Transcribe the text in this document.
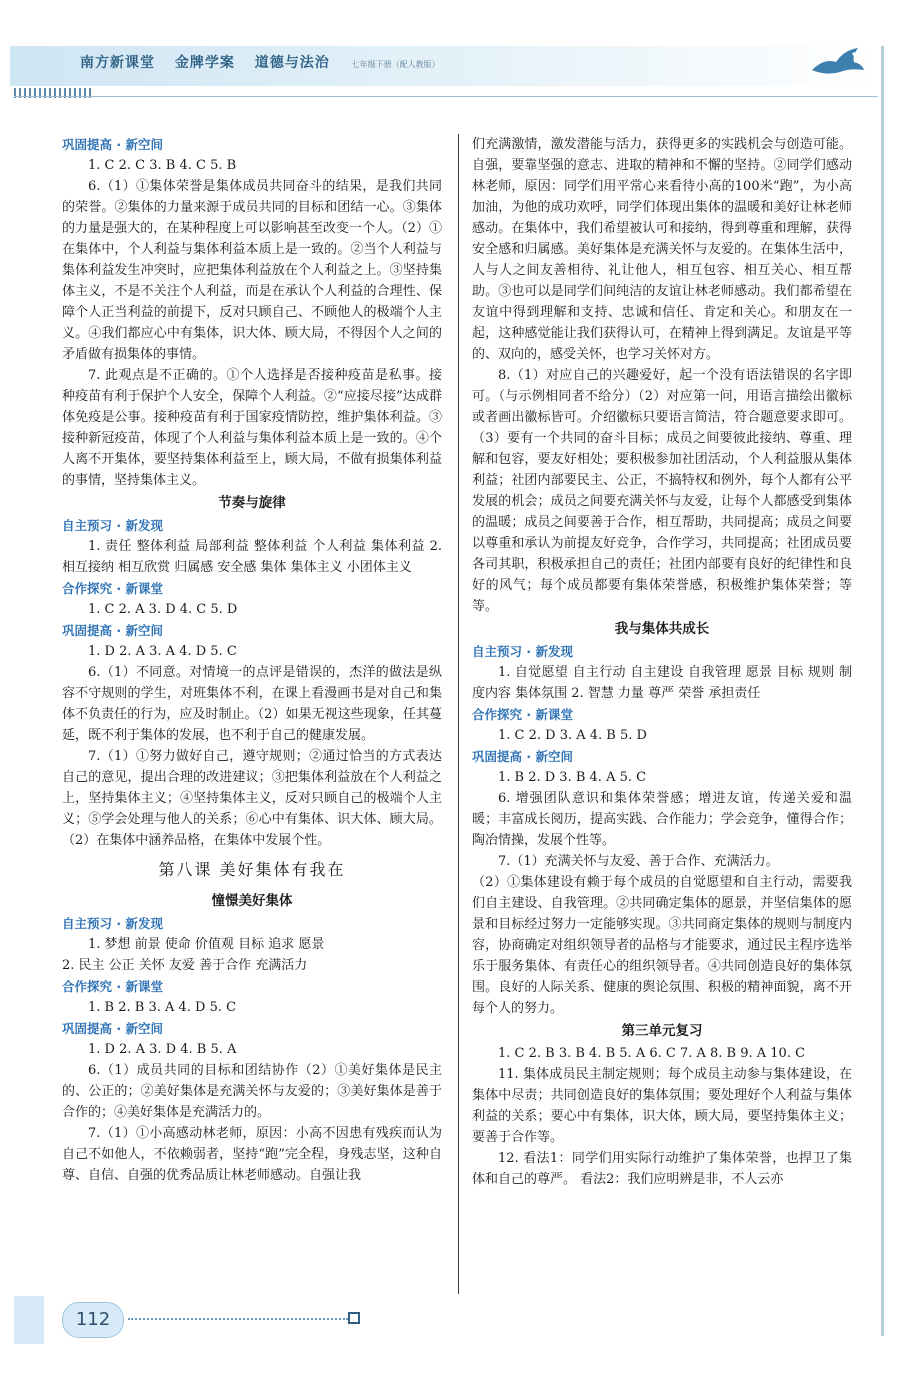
南方新课堂 金牌学案 道德与法治	七年级下册（配人教版）
巩固提高 · 新空间
1. C 2. C 3. B 4. C 5. B
6.（1）①集体荣誉是集体成员共同奋斗的结果，是我们共同的荣誉。②集体的力量来源于成员共同的目标和团结一心。③集体的力量是强大的，在某种程度上可以影响甚至改变一个人。（2）①在集体中，个人利益与集体利益本质上是一致的。②当个人利益与集体利益发生冲突时，应把集体利益放在个人利益之上。③坚持集体主义，不是不关注个人利益，而是在承认个人利益的合理性、保障个人正当利益的前提下，反对只顾自己、不顾他人的极端个人主义。④我们都应心中有集体，识大体、顾大局，不得因个人之间的矛盾做有损集体的事情。
7. 此观点是不正确的。①个人选择是否接种疫苗是私事。接种疫苗有利于保护个人安全，保障个人利益。②“应接尽接”达成群体免疫是公事。接种疫苗有利于国家疫情防控，维护集体利益。③接种新冠疫苗，体现了个人利益与集体利益本质上是一致的。④个人离不开集体，要坚持集体利益至上，顾大局，不做有损集体利益的事情，坚持集体主义。
节奏与旋律
自主预习 · 新发现
1. 责任 整体利益 局部利益 整体利益 个人利益 集体利益 2. 相互接纳 相互欣赏 归属感 安全感 集体 集体主义 小团体主义
合作探究 · 新课堂
1. C 2. A 3. D 4. C 5. D
巩固提高 · 新空间
1. D 2. A 3. A 4. D 5. C
6.（1）不同意。对情境一的点评是错误的，杰洋的做法是纵容不守规则的学生，对班集体不利，在课上看漫画书是对自己和集体不负责任的行为，应及时制止。（2）如果无视这些现象，任其蔓延，既不利于集体的发展，也不利于自己的健康发展。
7.（1）①努力做好自己，遵守规则；②通过恰当的方式表达自己的意见，提出合理的改进建议；③把集体利益放在个人利益之上，坚持集体主义；④坚持集体主义，反对只顾自己的极端个人主义；⑤学会处理与他人的关系；⑥心中有集体、识大体、顾大局。（2）在集体中涵养品格，在集体中发展个性。
第八课 美好集体有我在
憧憬美好集体
自主预习 · 新发现
1. 梦想 前景 使命 价值观 目标 追求 愿景
2. 民主 公正 关怀 友爱 善于合作 充满活力
合作探究 · 新课堂
1. B 2. B 3. A 4. D 5. C
巩固提高 · 新空间
1. D 2. A 3. D 4. B 5. A
6.（1）成员共同的目标和团结协作（2）①美好集体是民主的、公正的；②美好集体是充满关怀与友爱的；③美好集体是善于合作的；④美好集体是充满活力的。
7.（1）①小高感动林老师，原因：小高不因患有残疾而认为自己不如他人，不依赖弱者，坚持“跑”完全程，身残志坚，这种自尊、自信、自强的优秀品质让林老师感动。自强让我
们充满激情，激发潜能与活力，获得更多的实践机会与创造可能。自强，要靠坚强的意志、进取的精神和不懈的坚持。②同学们感动林老师，原因：同学们用平常心来看待小高的100米“跑”，为小高加油，为他的成功欢呼，同学们体现出集体的温暖和美好让林老师感动。在集体中，我们希望被认可和接纳，得到尊重和理解，获得安全感和归属感。美好集体是充满关怀与友爱的。在集体生活中，人与人之间友善相待、礼让他人，相互包容、相互关心、相互帮助。③也可以是同学们间纯洁的友谊让林老师感动。我们都希望在友谊中得到理解和支持、忠诚和信任、肯定和关心。和朋友在一起，这种感觉能让我们获得认可，在精神上得到满足。友谊是平等的、双向的，感受关怀，也学习关怀对方。
8.（1）对应自己的兴趣爱好，起一个没有语法错误的名字即可。（与示例相同者不给分）（2）对应第一问，用语言描绘出徽标或者画出徽标皆可。介绍徽标只要语言简洁，符合题意要求即可。（3）要有一个共同的奋斗目标；成员之间要彼此接纳、尊重、理解和包容，要友好相处；要积极参加社团活动，个人利益服从集体利益；社团内部要民主、公正，不搞特权和例外，每个人都有公平发展的机会；成员之间要充满关怀与友爱，让每个人都感受到集体的温暖；成员之间要善于合作，相互帮助，共同提高；成员之间要以尊重和承认为前提友好竞争，合作学习，共同提高；社团成员要各司其职，积极承担自己的责任；社团内部要有良好的纪律性和良好的风气；每个成员都要有集体荣誉感，积极维护集体荣誉；等等。
我与集体共成长
自主预习 · 新发现
1. 自觉愿望 自主行动 自主建设 自我管理 愿景 目标 规则 制度内容 集体氛围 2. 智慧 力量 尊严 荣誉 承担责任
合作探究 · 新课堂
1. C 2. D 3. A 4. B 5. D
巩固提高 · 新空间
1. B 2. D 3. B 4. A 5. C
6. 增强团队意识和集体荣誉感；增进友谊，传递关爱和温暖；丰富成长阅历，提高实践、合作能力；学会竞争，懂得合作；陶冶情操，发展个性等。
7.（1）充满关怀与友爱、善于合作、充满活力。
（2）①集体建设有赖于每个成员的自觉愿望和自主行动，需要我们自主建设、自我管理。②共同确定集体的愿景，并坚信集体的愿景和目标经过努力一定能够实现。③共同商定集体的规则与制度内容，协商确定对组织领导者的品格与才能要求，通过民主程序选举乐于服务集体、有责任心的组织领导者。④共同创造良好的集体氛围。良好的人际关系、健康的舆论氛围、积极的精神面貌，离不开每个人的努力。
第三单元复习
1. C 2. B 3. B 4. B 5. A 6. C 7. A 8. B 9. A 10. C
11. 集体成员民主制定规则；每个成员主动参与集体建设，在集体中尽责；共同创造良好的集体氛围；要处理好个人利益与集体利益的关系；要心中有集体，识大体，顾大局，要坚持集体主义；要善于合作等。
12. 看法1：同学们用实际行动维护了集体荣誉，也捍卫了集体和自己的尊严。 看法2：我们应明辨是非，不人云亦
112
